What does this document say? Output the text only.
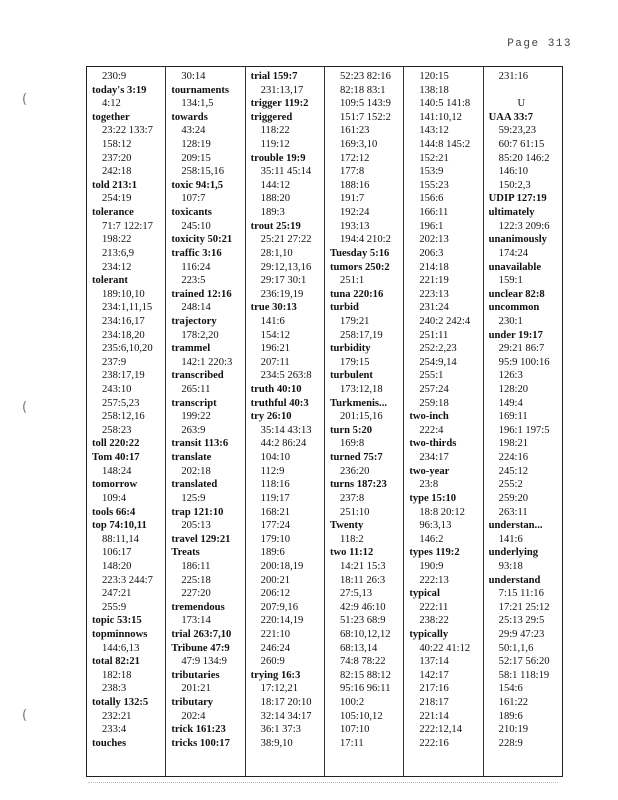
Page 313
(
(
(
230:9
today's 3:19
4:12
together
23:22 133:7
158:12
237:20
242:18
told 213:1
254:19
tolerance
71:7 122:17
198:22
213:6,9
234:12
tolerant
189:10,10
234:1,11,15
234:16,17
234:18,20
235:6,10,20
237:9
238:17,19
243:10
257:5,23
258:12,16
258:23
toll 220:22
Tom 40:17
148:24
tomorrow
109:4
tools 66:4
top 74:10,11
88:11,14
106:17
148:20
223:3 244:7
247:21
255:9
topic 53:15
topminnows
144:6,13
total 82:21
182:18
238:3
totally 132:5
232:21
233:4
touches
30:14
tournaments
134:1,5
towards
43:24
128:19
209:15
258:15,16
toxic 94:1,5
107:7
toxicants
245:10
toxicity 50:21
traffic 3:16
116:24
223:5
trained 12:16
248:14
trajectory
178:2,20
trammel
142:1 220:3
transcribed
265:11
transcript
199:22
263:9
transit 113:6
translate
202:18
translated
125:9
trap 121:10
205:13
travel 129:21
Treats
186:11
225:18
227:20
tremendous
173:14
trial 263:7,10
Tribune 47:9
47:9 134:9
tributaries
201:21
tributary
202:4
trick 161:23
tricks 100:17
trial 159:7
231:13,17
trigger 119:2
triggered
118:22
119:12
trouble 19:9
35:11 45:14
144:12
188:20
189:3
trout 25:19
25:21 27:22
28:1,10
29:12,13,16
29:17 30:1
236:19,19
true 30:13
141:6
154:12
196:21
207:11
234:5 263:8
truth 40:10
truthful 40:3
try 26:10
35:14 43:13
44:2 86:24
104:10
112:9
118:16
119:17
168:21
177:24
179:10
189:6
200:18,19
200:21
206:12
207:9,16
220:14,19
221:10
246:24
260:9
trying 16:3
17:12,21
18:17 20:10
32:14 34:17
36:1 37:3
38:9,10
52:23 82:16
82:18 83:1
109:5 143:9
151:7 152:2
161:23
169:3,10
172:12
177:8
188:16
191:7
192:24
193:13
194:4 210:2
Tuesday 5:16
tumors 250:2
251:1
tuna 220:16
turbid
179:21
258:17,19
turbidity
179:15
turbulent
173:12,18
Turkmenis...
201:15,16
turn 5:20
169:8
turned 75:7
236:20
turns 187:23
237:8
251:10
Twenty
118:2
two 11:12
14:21 15:3
18:11 26:3
27:5,13
42:9 46:10
51:23 68:9
68:10,12,12
68:13,14
74:8 78:22
82:15 88:12
95:16 96:11
100:2
105:10,12
107:10
17:11
120:15
138:18
140:5 141:8
141:10,12
143:12
144:8 145:2
152:21
153:9
155:23
156:6
166:11
196:1
202:13
206:3
214:18
221:19
223:13
231:24
240:2 242:4
251:11
252:2,23
254:9,14
255:1
257:24
259:18
two-inch
222:4
two-thirds
234:17
two-year
23:8
type 15:10
18:8 20:12
96:3,13
146:2
types 119:2
190:9
222:13
typical
222:11
238:22
typically
40:22 41:12
137:14
142:17
217:16
218:17
221:14
222:12,14
222:16
231:16
U
UAA 33:7
59:23,23
60:7 61:15
85:20 146:2
146:10
150:2,3
UDIP 127:19
ultimately
122:3 209:6
unanimously
174:24
unavailable
159:1
unclear 82:8
uncommon
230:1
under 19:17
29:21 86:7
95:9 100:16
126:3
128:20
149:4
169:11
196:1 197:5
198:21
224:16
245:12
255:2
259:20
263:11
understan...
141:6
underlying
93:18
understand
7:15 11:16
17:21 25:12
25:13 29:5
29:9 47:23
50:1,1,6
52:17 56:20
58:1 118:19
154:6
161:22
189:6
210:19
228:9
